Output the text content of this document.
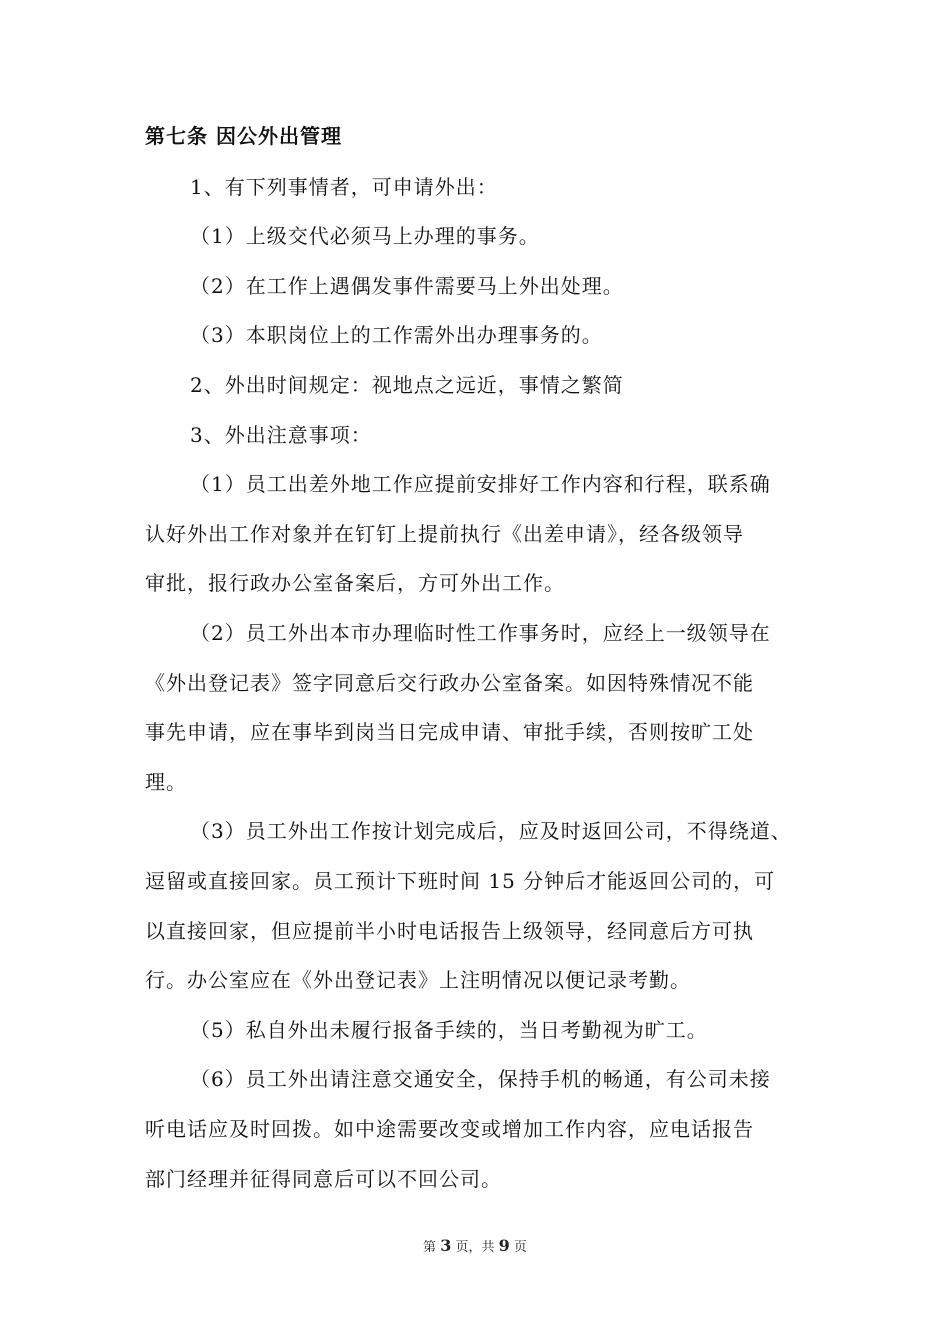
第七条 因公外出管理
1、有下列事情者，可申请外出：
（1）上级交代必须马上办理的事务。
（2）在工作上遇偶发事件需要马上外出处理。
（3）本职岗位上的工作需外出办理事务的。
2、外出时间规定：视地点之远近，事情之繁简
3、外出注意事项：
（1）员工出差外地工作应提前安排好工作内容和行程，联系确
认好外出工作对象并在钉钉上提前执行《出差申请》，经各级领导
审批，报行政办公室备案后，方可外出工作。
（2）员工外出本市办理临时性工作事务时，应经上一级领导在
《外出登记表》签字同意后交行政办公室备案。如因特殊情况不能
事先申请，应在事毕到岗当日完成申请、审批手续，否则按旷工处
理。
（3）员工外出工作按计划完成后，应及时返回公司，不得绕道、
逗留或直接回家。员工预计下班时间 15 分钟后才能返回公司的，可
以直接回家，但应提前半小时电话报告上级领导，经同意后方可执
行。办公室应在《外出登记表》上注明情况以便记录考勤。
（5）私自外出未履行报备手续的，当日考勤视为旷工。
（6）员工外出请注意交通安全，保持手机的畅通，有公司未接
听电话应及时回拨。如中途需要改变或增加工作内容，应电话报告
部门经理并征得同意后可以不回公司。
第 3 页，共 9 页
